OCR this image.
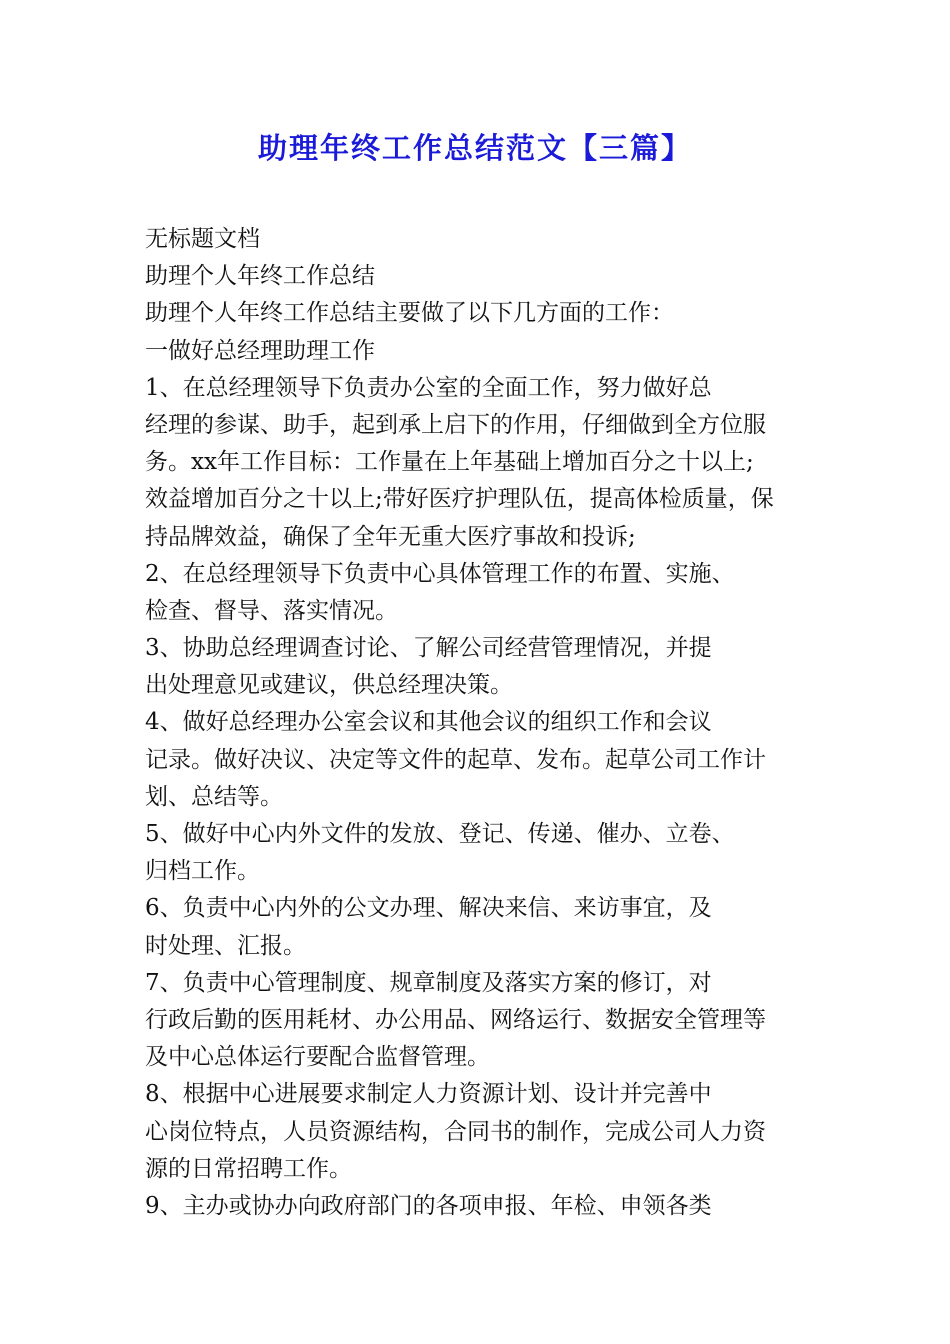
助理年终工作总结范文【三篇】

无标题文档

助理个人年终工作总结

助理个人年终工作总结主要做了以下几方面的工作：

一做好总经理助理工作

1、在总经理领导下负责办公室的全面工作，努力做好总

经理的参谋、助手，起到承上启下的作用，仔细做到全方位服

务。xx年工作目标：工作量在上年基础上增加百分之十以上;

效益增加百分之十以上;带好医疗护理队伍，提高体检质量，保

持品牌效益，确保了全年无重大医疗事故和投诉;

2、在总经理领导下负责中心具体管理工作的布置、实施、

检查、督导、落实情况。

3、协助总经理调查讨论、了解公司经营管理情况，并提

出处理意见或建议，供总经理决策。

4、做好总经理办公室会议和其他会议的组织工作和会议

记录。做好决议、决定等文件的起草、发布。起草公司工作计

划、总结等。

5、做好中心内外文件的发放、登记、传递、催办、立卷、

归档工作。

6、负责中心内外的公文办理、解决来信、来访事宜，及

时处理、汇报。

7、负责中心管理制度、规章制度及落实方案的修订，对

行政后勤的医用耗材、办公用品、网络运行、数据安全管理等

及中心总体运行要配合监督管理。

8、根据中心进展要求制定人力资源计划、设计并完善中

心岗位特点，人员资源结构，合同书的制作，完成公司人力资

源的日常招聘工作。

9、主办或协办向政府部门的各项申报、年检、申领各类
